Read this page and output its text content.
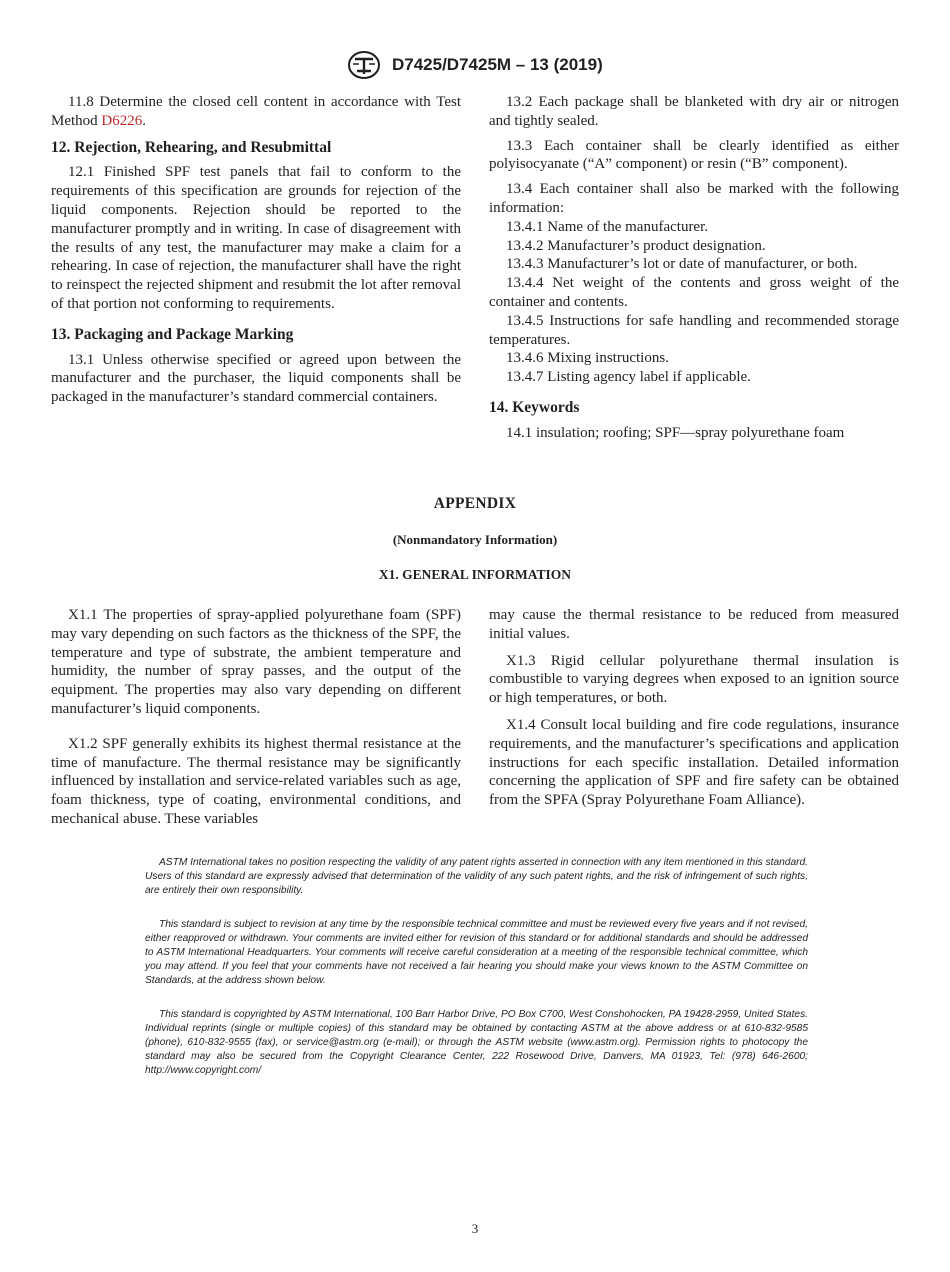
D7425/D7425M – 13 (2019)

11.8 Determine the closed cell content in accordance with Test Method D6226.

12. Rejection, Rehearing, and Resubmittal

12.1 Finished SPF test panels that fail to conform to the requirements of this specification are grounds for rejection of the liquid components. Rejection should be reported to the manufacturer promptly and in writing. In case of disagreement with the results of any test, the manufacturer may make a claim for a rehearing. In case of rejection, the manufacturer shall have the right to reinspect the rejected shipment and resubmit the lot after removal of that portion not conforming to requirements.

13. Packaging and Package Marking

13.1 Unless otherwise specified or agreed upon between the manufacturer and the purchaser, the liquid components shall be packaged in the manufacturer’s standard commercial containers.

13.2 Each package shall be blanketed with dry air or nitrogen and tightly sealed.

13.3 Each container shall be clearly identified as either polyisocyanate (“A” component) or resin (“B” component).

13.4 Each container shall also be marked with the following information:

13.4.1 Name of the manufacturer.

13.4.2 Manufacturer’s product designation.

13.4.3 Manufacturer’s lot or date of manufacturer, or both.

13.4.4 Net weight of the contents and gross weight of the container and contents.

13.4.5 Instructions for safe handling and recommended storage temperatures.

13.4.6 Mixing instructions.

13.4.7 Listing agency label if applicable.

14. Keywords

14.1 insulation; roofing; SPF—spray polyurethane foam

APPENDIX
(Nonmandatory Information)
X1. GENERAL INFORMATION

X1.1 The properties of spray-applied polyurethane foam (SPF) may vary depending on such factors as the thickness of the SPF, the temperature and type of substrate, the ambient temperature and humidity, the number of spray passes, and the output of the equipment. The properties may also vary depending on different manufacturer’s liquid components.

X1.2 SPF generally exhibits its highest thermal resistance at the time of manufacture. The thermal resistance may be significantly influenced by installation and service-related variables such as age, foam thickness, type of coating, environmental conditions, and mechanical abuse. These variables

may cause the thermal resistance to be reduced from measured initial values.

X1.3 Rigid cellular polyurethane thermal insulation is combustible to varying degrees when exposed to an ignition source or high temperatures, or both.

X1.4 Consult local building and fire code regulations, insurance requirements, and the manufacturer’s specifications and application instructions for each specific installation. Detailed information concerning the application of SPF and fire safety can be obtained from the SPFA (Spray Polyurethane Foam Alliance).

ASTM International takes no position respecting the validity of any patent rights asserted in connection with any item mentioned in this standard. Users of this standard are expressly advised that determination of the validity of any such patent rights, and the risk of infringement of such rights, are entirely their own responsibility.

This standard is subject to revision at any time by the responsible technical committee and must be reviewed every five years and if not revised, either reapproved or withdrawn. Your comments are invited either for revision of this standard or for additional standards and should be addressed to ASTM International Headquarters. Your comments will receive careful consideration at a meeting of the responsible technical committee, which you may attend. If you feel that your comments have not received a fair hearing you should make your views known to the ASTM Committee on Standards, at the address shown below.

This standard is copyrighted by ASTM International, 100 Barr Harbor Drive, PO Box C700, West Conshohocken, PA 19428-2959, United States. Individual reprints (single or multiple copies) of this standard may be obtained by contacting ASTM at the above address or at 610-832-9585 (phone), 610-832-9555 (fax), or service@astm.org (e-mail); or through the ASTM website (www.astm.org). Permission rights to photocopy the standard may also be secured from the Copyright Clearance Center, 222 Rosewood Drive, Danvers, MA 01923, Tel: (978) 646-2600; http://www.copyright.com/

3
